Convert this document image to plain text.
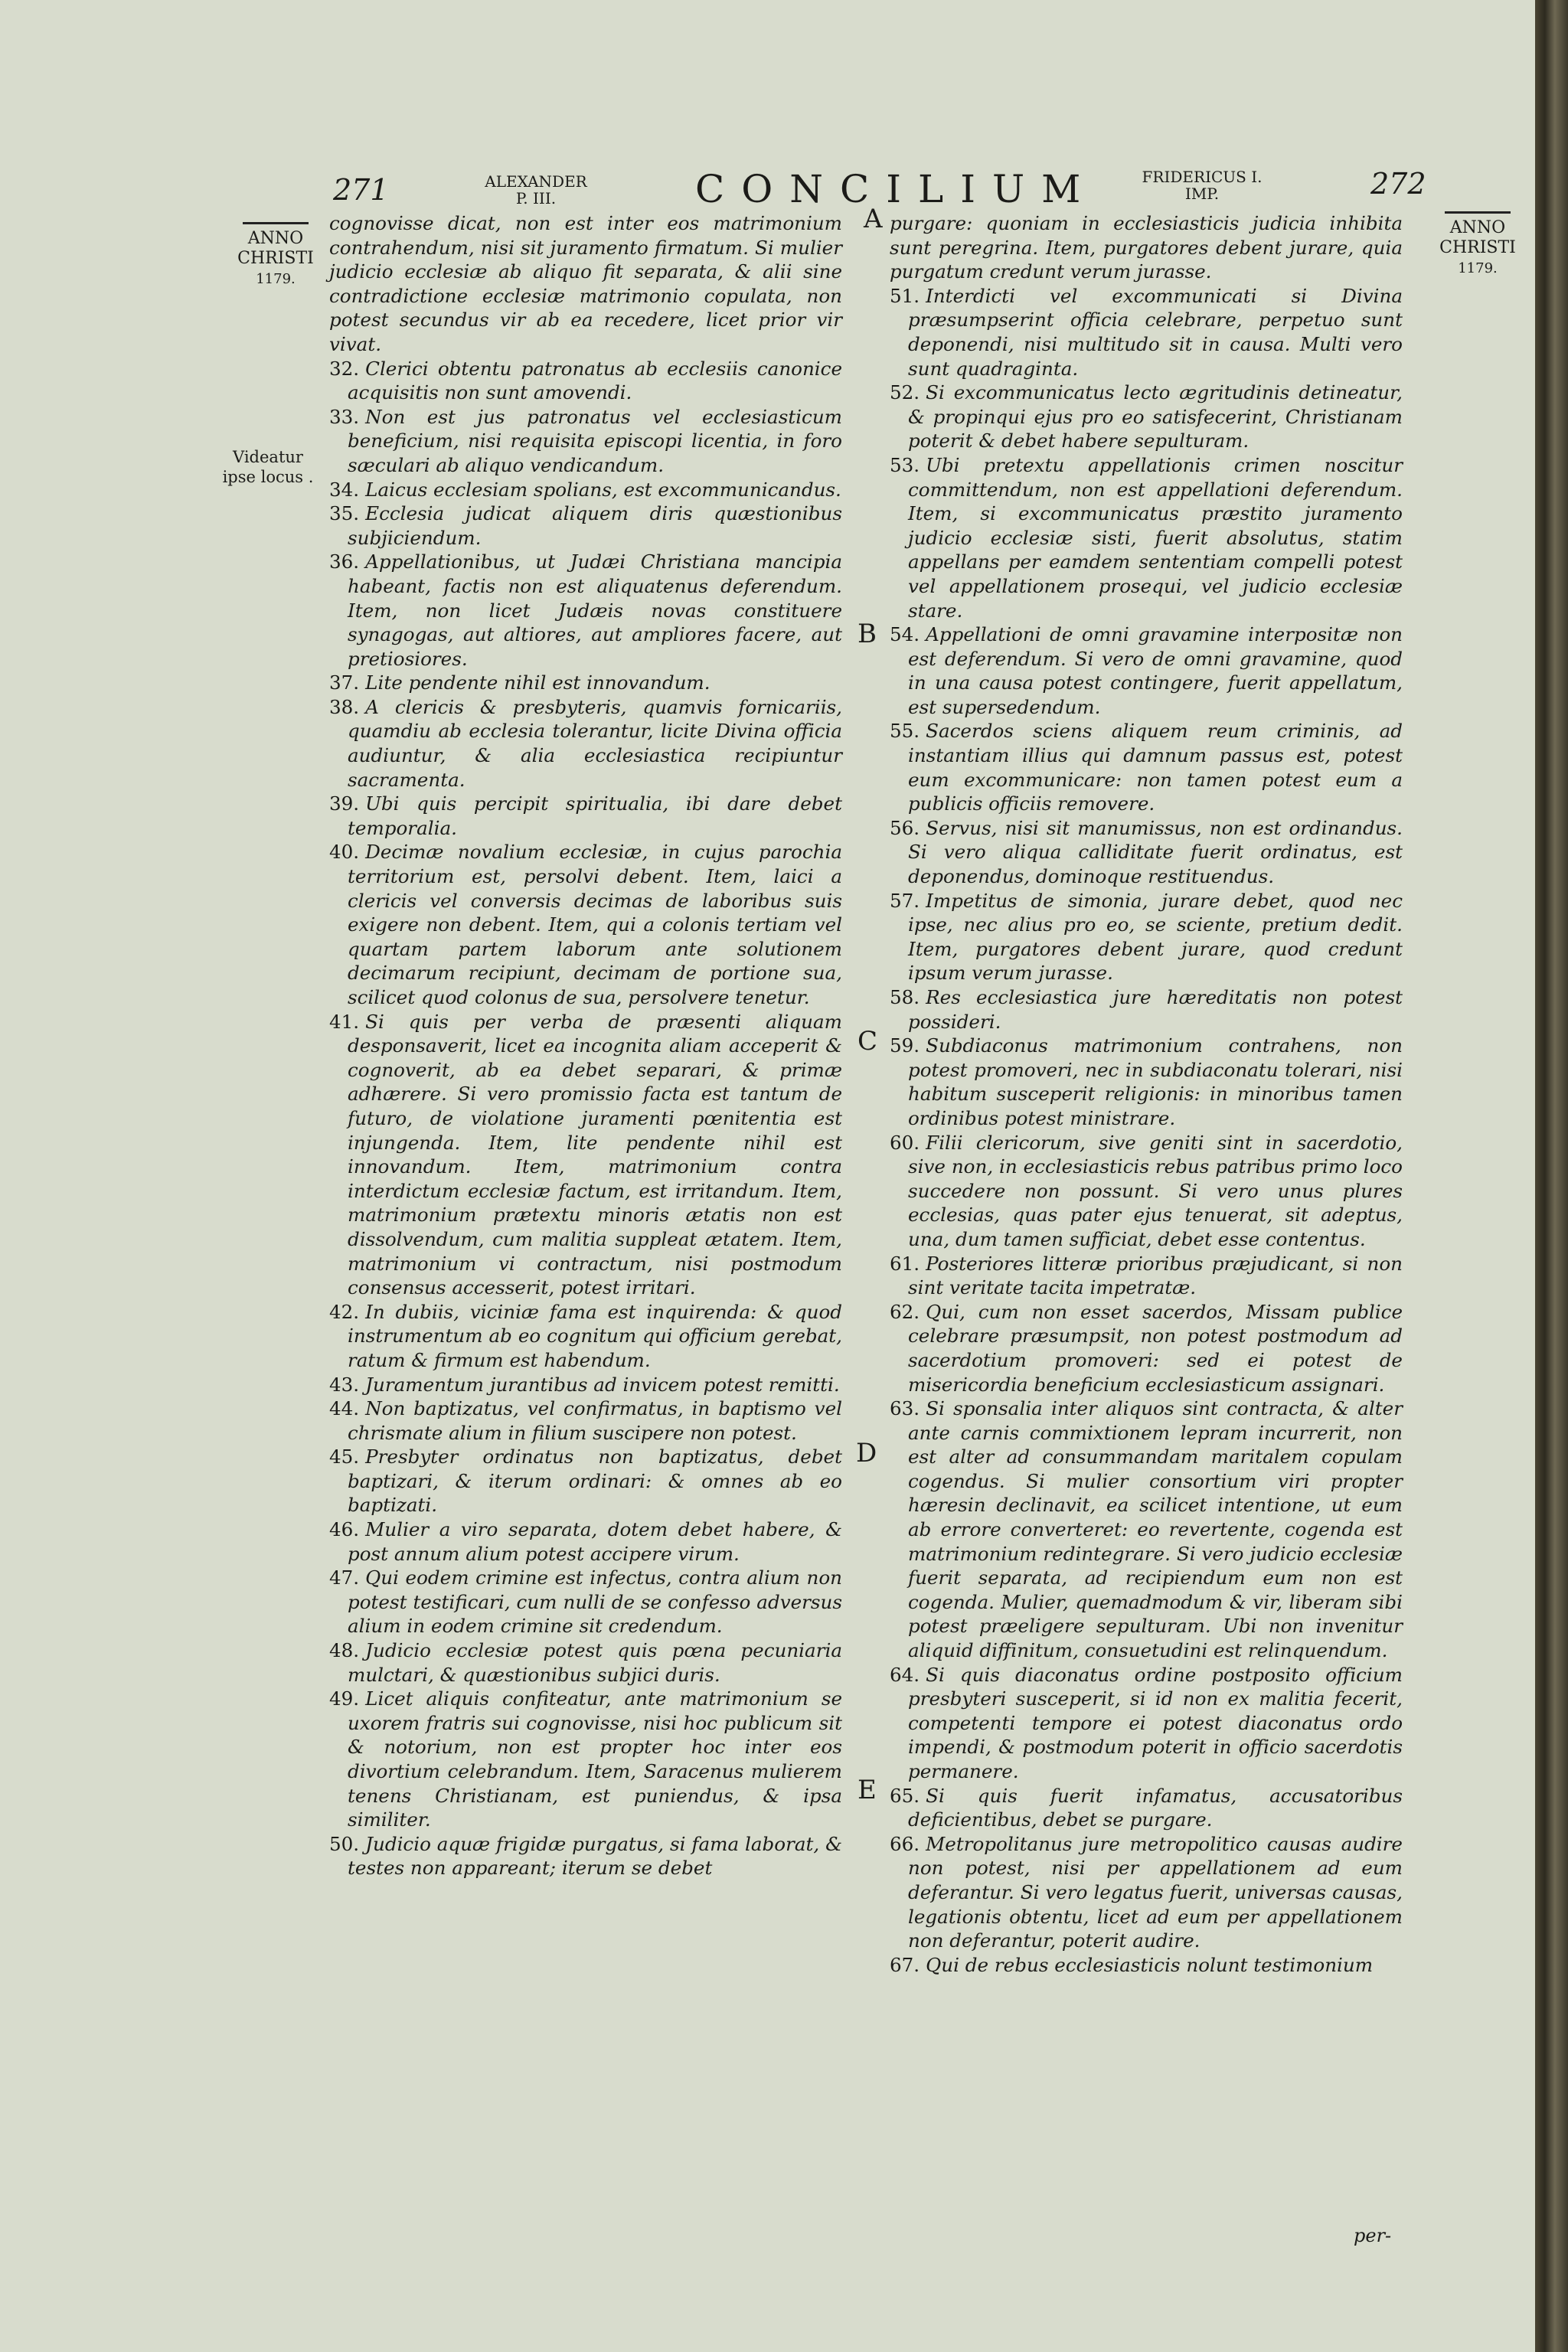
271	ALEXANDER
P. III.	CONCILIUM	FRIDERICUS I.
IMP.	272
ANNO
CHRISTI
1179.
Videatur
ipse locus .
ANNO
CHRISTI
1179.
A
B
C
D
E

cognovisse dicat, non est inter eos matrimonium contrahendum, nisi sit juramento firmatum. Si mulier judicio ecclesiæ ab aliquo fit separata, & alii sine contradictione ecclesiæ matrimonio copulata, non potest secundus vir ab ea recedere, licet prior vir vivat.

32. Clerici obtentu patronatus ab ecclesiis canonice acquisitis non sunt amovendi.

33. Non est jus patronatus vel ecclesiasticum beneficium, nisi requisita episcopi licentia, in foro sæculari ab aliquo vendicandum.

34. Laicus ecclesiam spolians, est excommunicandus.

35. Ecclesia judicat aliquem diris quæstionibus subjiciendum.

36. Appellationibus, ut Judæi Christiana mancipia habeant, factis non est aliquatenus deferendum. Item, non licet Judæis novas constituere synagogas, aut altiores, aut ampliores facere, aut pretiosiores.

37. Lite pendente nihil est innovandum.

38. A clericis & presbyteris, quamvis fornicariis, quamdiu ab ecclesia tolerantur, licite Divina officia audiuntur, & alia ecclesiastica recipiuntur sacramenta.

39. Ubi quis percipit spiritualia, ibi dare debet temporalia.

40. Decimæ novalium ecclesiæ, in cujus parochia territorium est, persolvi debent. Item, laici a clericis vel conversis decimas de laboribus suis exigere non debent. Item, qui a colonis tertiam vel quartam partem laborum ante solutionem decimarum recipiunt, decimam de portione sua, scilicet quod colonus de sua, persolvere tenetur.

41. Si quis per verba de præsenti aliquam desponsaverit, licet ea incognita aliam acceperit & cognoverit, ab ea debet separari, & primæ adhærere. Si vero promissio facta est tantum de futuro, de violatione juramenti pœnitentia est injungenda. Item, lite pendente nihil est innovandum. Item, matrimonium contra interdictum ecclesiæ factum, est irritandum. Item, matrimonium prætextu minoris ætatis non est dissolvendum, cum malitia suppleat ætatem. Item, matrimonium vi contractum, nisi postmodum consensus accesserit, potest irritari.

42. In dubiis, viciniæ fama est inquirenda: & quod instrumentum ab eo cognitum qui officium gerebat, ratum & firmum est habendum.

43. Juramentum jurantibus ad invicem potest remitti.

44. Non baptizatus, vel confirmatus, in baptismo vel chrismate alium in filium suscipere non potest.

45. Presbyter ordinatus non baptizatus, debet baptizari, & iterum ordinari: & omnes ab eo baptizati.

46. Mulier a viro separata, dotem debet habere, & post annum alium potest accipere virum.

47. Qui eodem crimine est infectus, contra alium non potest testificari, cum nulli de se confesso adversus alium in eodem crimine sit credendum.

48. Judicio ecclesiæ potest quis pœna pecuniaria mulctari, & quæstionibus subjici duris.

49. Licet aliquis confiteatur, ante matrimonium se uxorem fratris sui cognovisse, nisi hoc publicum sit & notorium, non est propter hoc inter eos divortium celebrandum. Item, Saracenus mulierem tenens Christianam, est puniendus, & ipsa similiter.

50. Judicio aquæ frigidæ purgatus, si fama laborat, & testes non appareant; iterum se debet

purgare: quoniam in ecclesiasticis judicia inhibita sunt peregrina. Item, purgatores debent jurare, quia purgatum credunt verum jurasse.

51. Interdicti vel excommunicati si Divina præsumpserint officia celebrare, perpetuo sunt deponendi, nisi multitudo sit in causa. Multi vero sunt quadraginta.

52. Si excommunicatus lecto ægritudinis detineatur, & propinqui ejus pro eo satisfecerint, Christianam poterit & debet habere sepulturam.

53. Ubi pretextu appellationis crimen noscitur committendum, non est appellationi deferendum. Item, si excommunicatus præstito juramento judicio ecclesiæ sisti, fuerit absolutus, statim appellans per eamdem sententiam compelli potest vel appellationem prosequi, vel judicio ecclesiæ stare.

54. Appellationi de omni gravamine interpositæ non est deferendum. Si vero de omni gravamine, quod in una causa potest contingere, fuerit appellatum, est supersedendum.

55. Sacerdos sciens aliquem reum criminis, ad instantiam illius qui damnum passus est, potest eum excommunicare: non tamen potest eum a publicis officiis removere.

56. Servus, nisi sit manumissus, non est ordinandus. Si vero aliqua calliditate fuerit ordinatus, est deponendus, dominoque restituendus.

57. Impetitus de simonia, jurare debet, quod nec ipse, nec alius pro eo, se sciente, pretium dedit. Item, purgatores debent jurare, quod credunt ipsum verum jurasse.

58. Res ecclesiastica jure hæreditatis non potest possideri.

59. Subdiaconus matrimonium contrahens, non potest promoveri, nec in subdiaconatu tolerari, nisi habitum susceperit religionis: in minoribus tamen ordinibus potest ministrare.

60. Filii clericorum, sive geniti sint in sacerdotio, sive non, in ecclesiasticis rebus patribus primo loco succedere non possunt. Si vero unus plures ecclesias, quas pater ejus tenuerat, sit adeptus, una, dum tamen sufficiat, debet esse contentus.

61. Posteriores litteræ prioribus præjudicant, si non sint veritate tacita impetratæ.

62. Qui, cum non esset sacerdos, Missam publice celebrare præsumpsit, non potest postmodum ad sacerdotium promoveri: sed ei potest de misericordia beneficium ecclesiasticum assignari.

63. Si sponsalia inter aliquos sint contracta, & alter ante carnis commixtionem lepram incurrerit, non est alter ad consummandam maritalem copulam cogendus. Si mulier consortium viri propter hæresin declinavit, ea scilicet intentione, ut eum ab errore converteret: eo revertente, cogenda est matrimonium redintegrare. Si vero judicio ecclesiæ fuerit separata, ad recipiendum eum non est cogenda. Mulier, quemadmodum & vir, liberam sibi potest præeligere sepulturam. Ubi non invenitur aliquid diffinitum, consuetudini est relinquendum.

64. Si quis diaconatus ordine postposito officium presbyteri susceperit, si id non ex malitia fecerit, competenti tempore ei potest diaconatus ordo impendi, & postmodum poterit in officio sacerdotis permanere.

65. Si quis fuerit infamatus, accusatoribus deficientibus, debet se purgare.

66. Metropolitanus jure metropolitico causas audire non potest, nisi per appellationem ad eum deferantur. Si vero legatus fuerit, universas causas, legationis obtentu, licet ad eum per appellationem non deferantur, poterit audire.

67. Qui de rebus ecclesiasticis nolunt testimonium

per-
